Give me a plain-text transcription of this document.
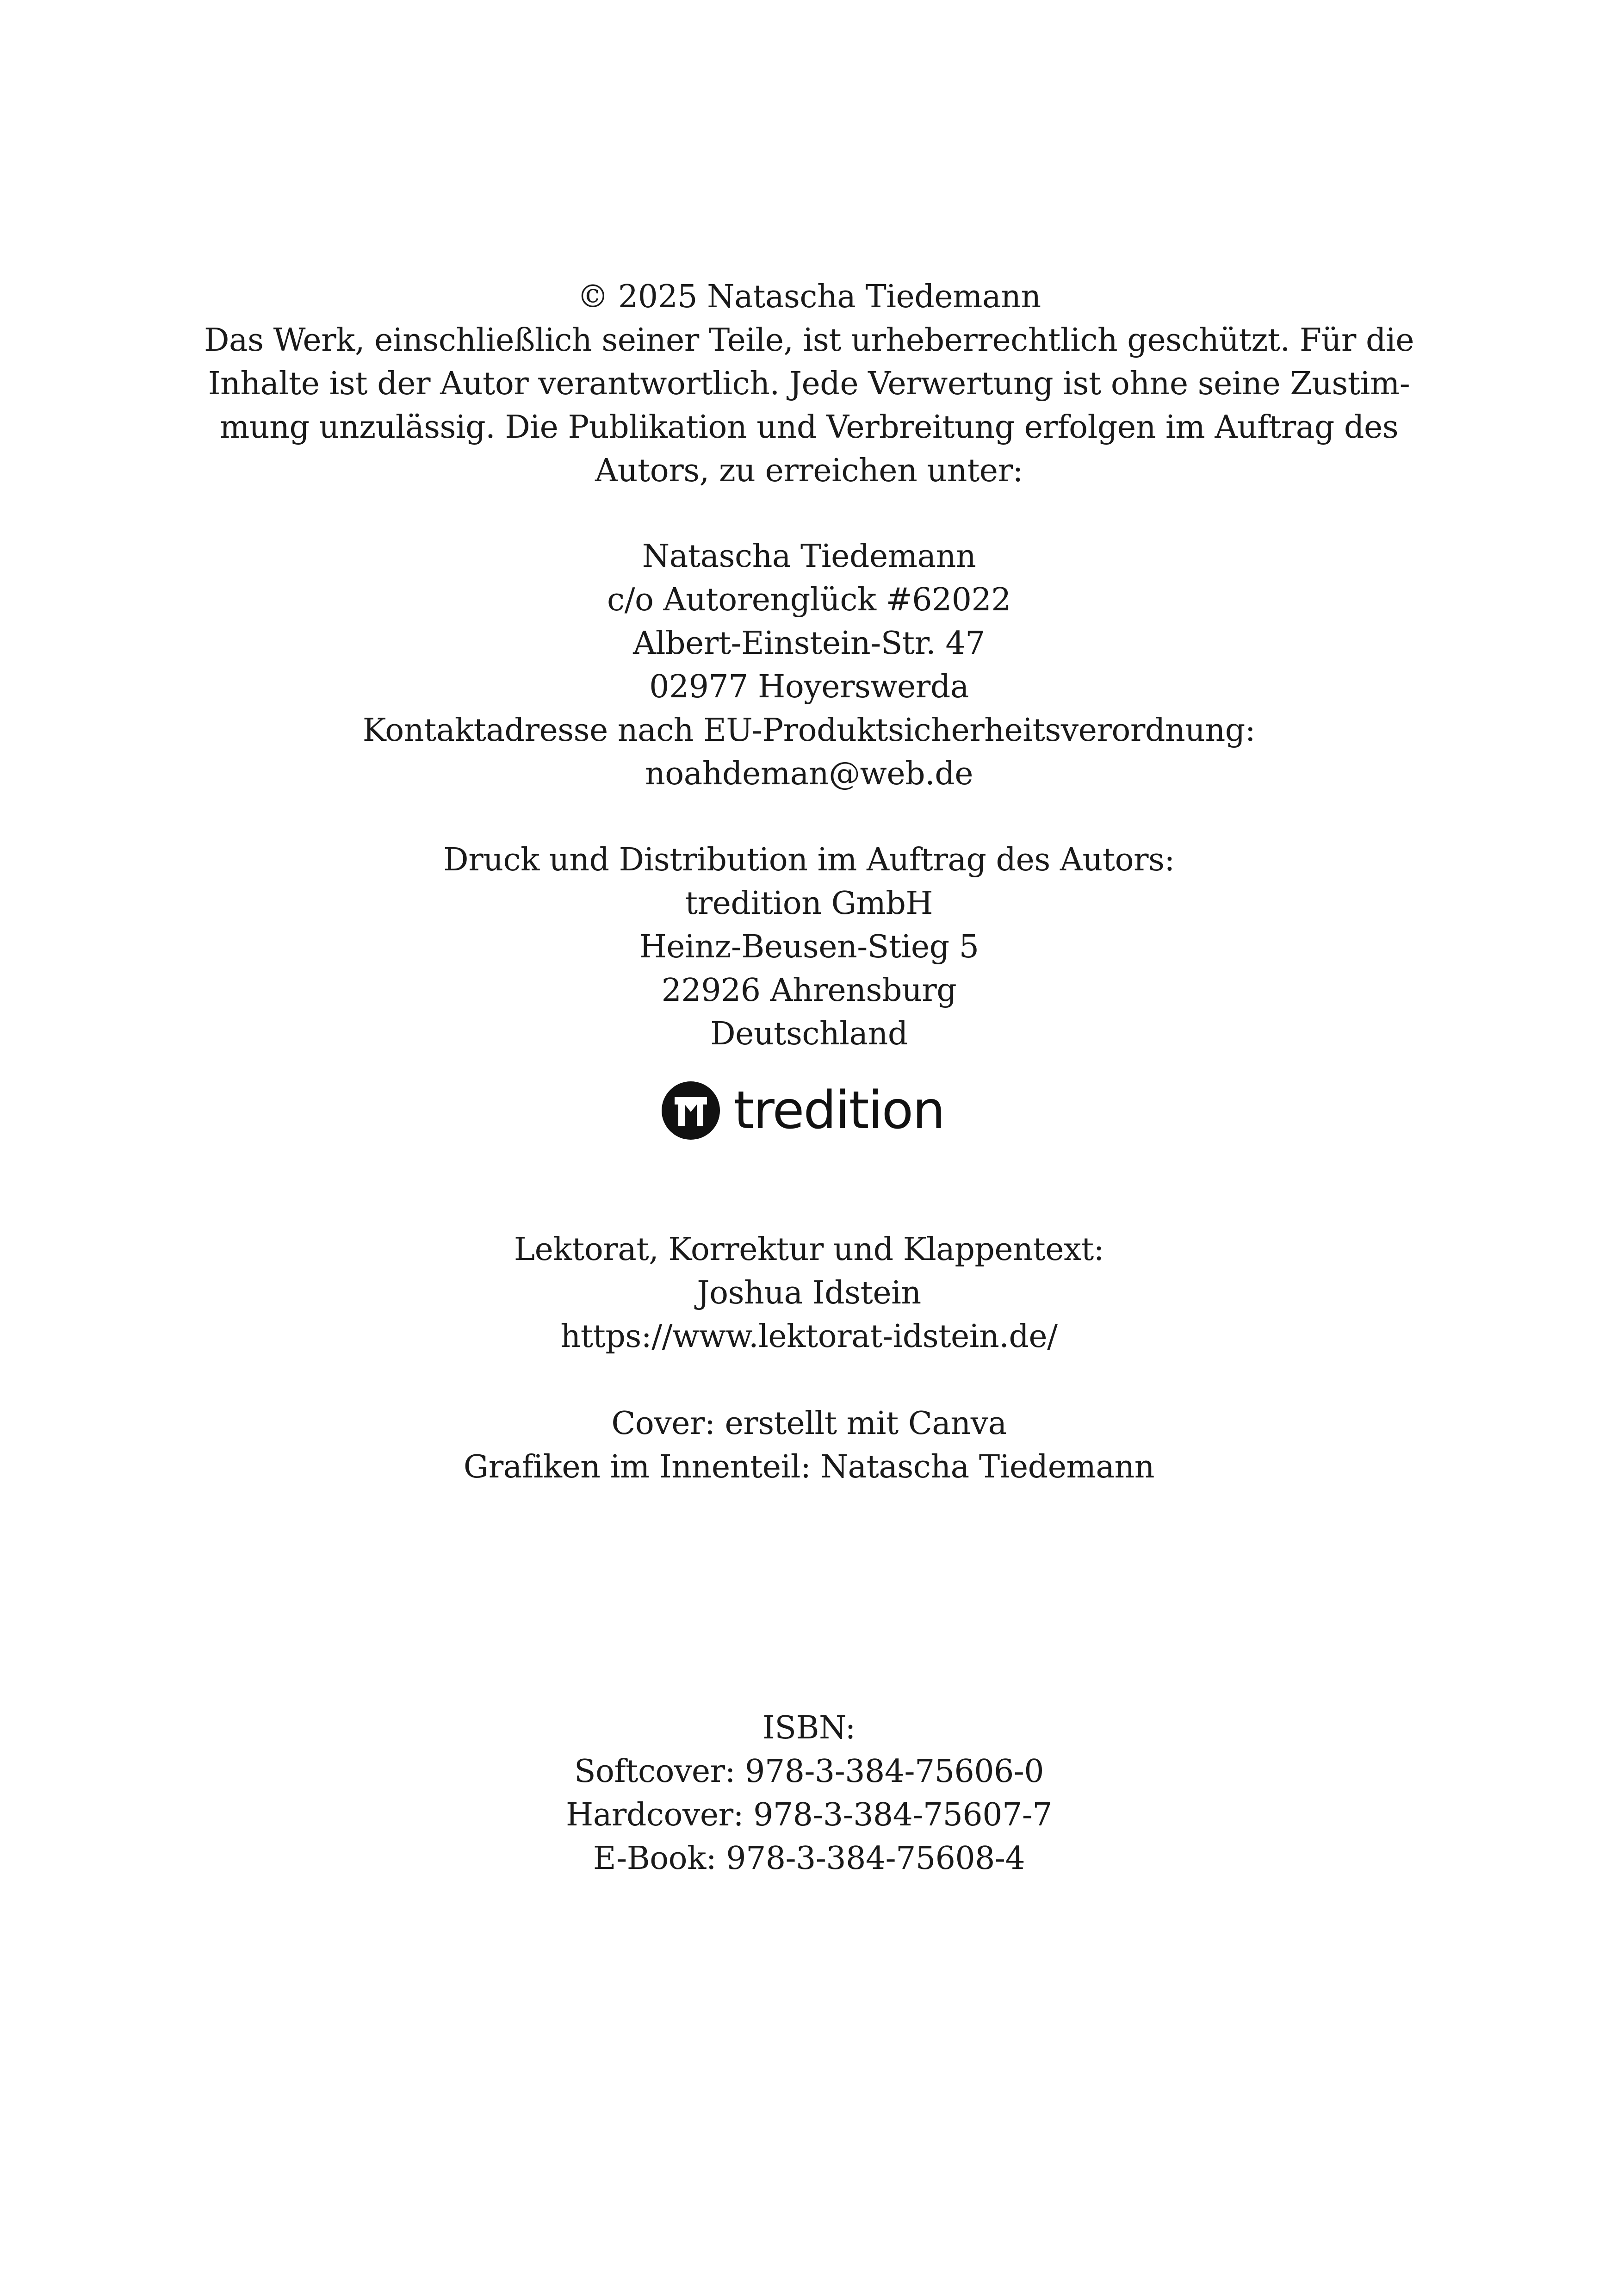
© 2025 Natascha Tiedemann
Das Werk, einschließlich seiner Teile, ist urheberrechtlich geschützt. Für die
Inhalte ist der Autor verantwortlich. Jede Verwertung ist ohne seine Zustim-
mung unzulässig. Die Publikation und Verbreitung erfolgen im Auftrag des
Autors, zu erreichen unter:
Natascha Tiedemann
c/o Autorenglück #62022
Albert-Einstein-Str. 47
02977 Hoyerswerda
Kontaktadresse nach EU-Produktsicherheitsverordnung:
noahdeman@web.de
Druck und Distribution im Auftrag des Autors:
tredition GmbH
Heinz-Beusen-Stieg 5
22926 Ahrensburg
Deutschland
tredition
Lektorat, Korrektur und Klappentext:
Joshua Idstein
https://www.lektorat-idstein.de/
Cover: erstellt mit Canva
Grafiken im Innenteil: Natascha Tiedemann
ISBN:
Softcover: 978-3-384-75606-0
Hardcover: 978-3-384-75607-7
E-Book: 978-3-384-75608-4
